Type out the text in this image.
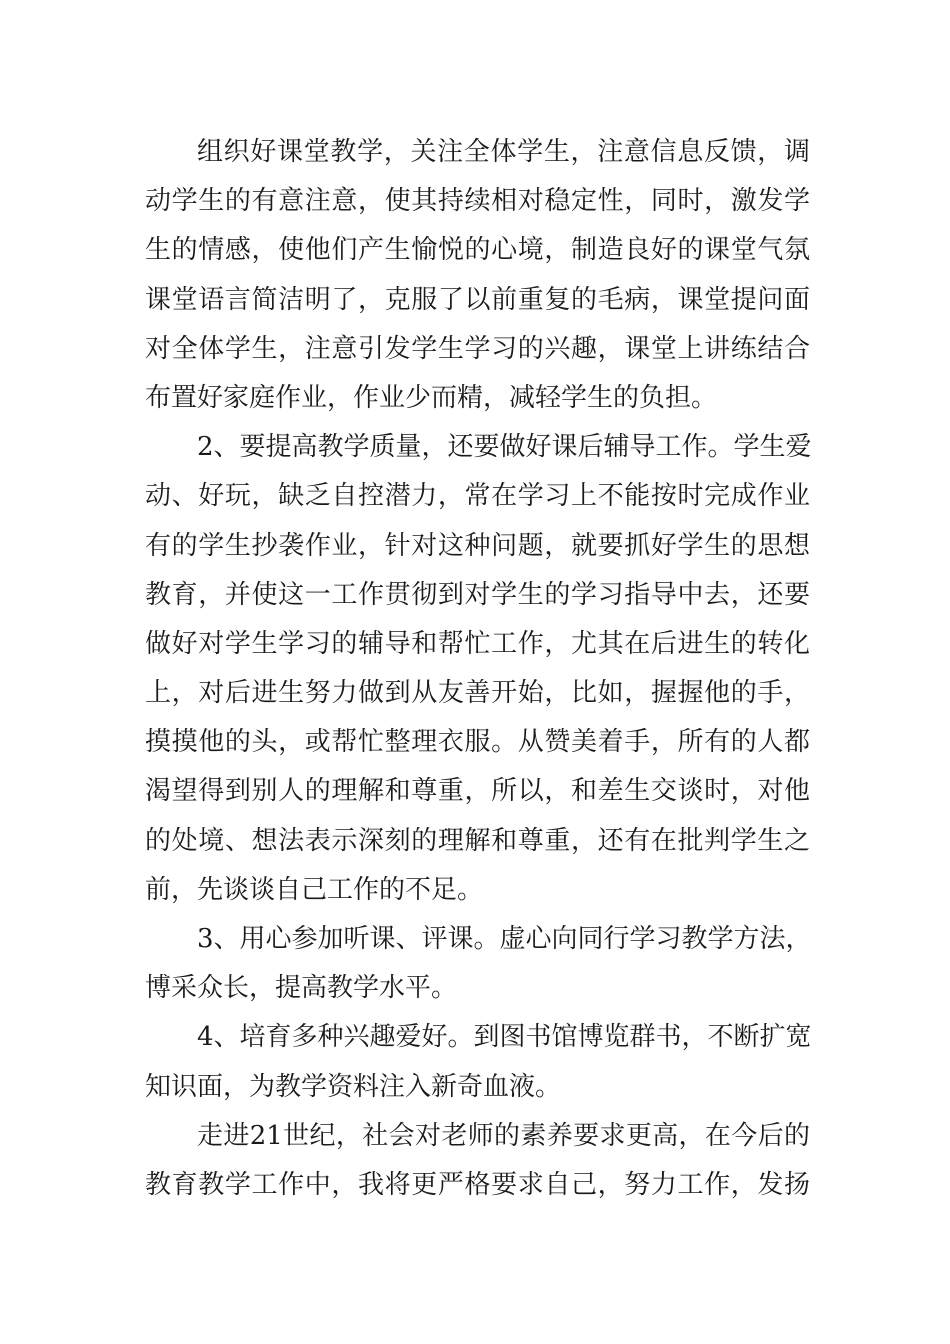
组织好课堂教学，关注全体学生，注意信息反馈，调
动学生的有意注意，使其持续相对稳定性，同时，激发学
生的情感，使他们产生愉悦的心境，制造良好的课堂气氛
课堂语言简洁明了，克服了以前重复的毛病，课堂提问面
对全体学生，注意引发学生学习的兴趣，课堂上讲练结合
布置好家庭作业，作业少而精，减轻学生的负担。
2、要提高教学质量，还要做好课后辅导工作。学生爱
动、好玩，缺乏自控潜力，常在学习上不能按时完成作业
有的学生抄袭作业，针对这种问题，就要抓好学生的思想
教育，并使这一工作贯彻到对学生的学习指导中去，还要
做好对学生学习的辅导和帮忙工作，尤其在后进生的转化
上，对后进生努力做到从友善开始，比如，握握他的手，
摸摸他的头，或帮忙整理衣服。从赞美着手，所有的人都
渴望得到别人的理解和尊重，所以，和差生交谈时，对他
的处境、想法表示深刻的理解和尊重，还有在批判学生之
前，先谈谈自己工作的不足。
3、用心参加听课、评课。虚心向同行学习教学方法，
博采众长，提高教学水平。
4、培育多种兴趣爱好。到图书馆博览群书，不断扩宽
知识面，为教学资料注入新奇血液。
走进21世纪，社会对老师的素养要求更高，在今后的
教育教学工作中，我将更严格要求自己，努力工作，发扬
